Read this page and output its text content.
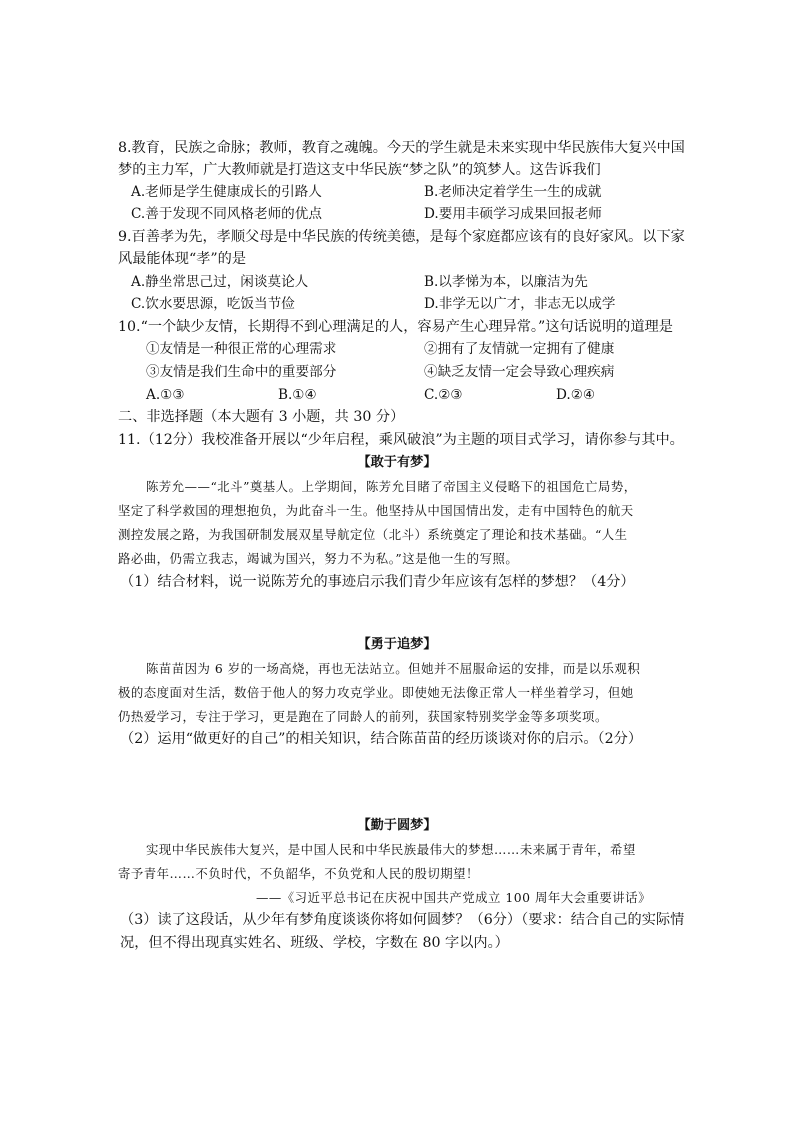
8.教育，民族之命脉；教师，教育之魂魄。今天的学生就是未来实现中华民族伟大复兴中国
梦的主力军，广大教师就是打造这支中华民族“梦之队”的筑梦人。这告诉我们
A.老师是学生健康成长的引路人	B.老师决定着学生一生的成就
C.善于发现不同风格老师的优点	D.要用丰硕学习成果回报老师
9.百善孝为先，孝顺父母是中华民族的传统美德，是每个家庭都应该有的良好家风。以下家
风最能体现“孝”的是
A.静坐常思己过，闲谈莫论人	B.以孝悌为本，以廉洁为先
C.饮水要思源，吃饭当节俭	D.非学无以广才，非志无以成学
10.“一个缺少友情，长期得不到心理满足的人，容易产生心理异常。”这句话说明的道理是
①友情是一种很正常的心理需求	②拥有了友情就一定拥有了健康
③友情是我们生命中的重要部分	④缺乏友情一定会导致心理疾病
A.①③	B.①④	C.②③	D.②④
二、非选择题（本大题有 3 小题，共 30 分）
11.（12分）我校准备开展以“少年启程，乘风破浪”为主题的项目式学习，请你参与其中。
【敢于有梦】
陈芳允——“北斗”奠基人。上学期间，陈芳允目睹了帝国主义侵略下的祖国危亡局势，
坚定了科学救国的理想抱负，为此奋斗一生。他坚持从中国国情出发，走有中国特色的航天
测控发展之路，为我国研制发展双星导航定位（北斗）系统奠定了理论和技术基础。“人生
路必曲，仍需立我志，竭诚为国兴，努力不为私。”这是他一生的写照。
（1）结合材料，说一说陈芳允的事迹启示我们青少年应该有怎样的梦想？（4分）
【勇于追梦】
陈苗苗因为 6 岁的一场高烧，再也无法站立。但她并不屈服命运的安排，而是以乐观积
极的态度面对生活，数倍于他人的努力攻克学业。即使她无法像正常人一样坐着学习，但她
仍热爱学习，专注于学习，更是跑在了同龄人的前列，获国家特别奖学金等多项奖项。
（2）运用“做更好的自己”的相关知识，结合陈苗苗的经历谈谈对你的启示。（2分）
【勤于圆梦】
实现中华民族伟大复兴，是中国人民和中华民族最伟大的梦想……未来属于青年，希望
寄予青年……不负时代，不负韶华，不负党和人民的殷切期望！
——《习近平总书记在庆祝中国共产党成立 100 周年大会重要讲话》
（3）读了这段话，从少年有梦角度谈谈你将如何圆梦？（6分）（要求：结合自己的实际情
况，但不得出现真实姓名、班级、学校，字数在 80 字以内。）
